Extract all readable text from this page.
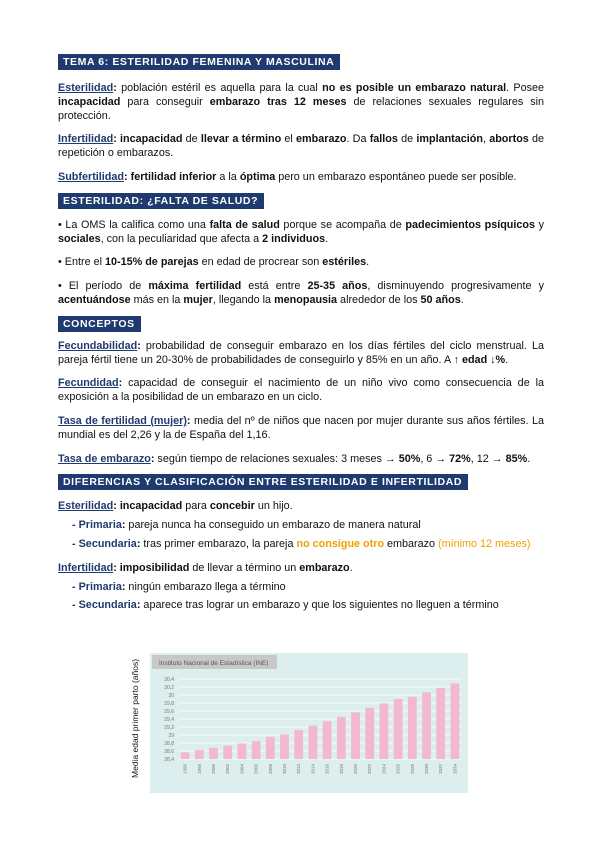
TEMA 6: ESTERILIDAD FEMENINA Y MASCULINA

Esterilidad: población estéril es aquella para la cual no es posible un embarazo natural. Posee incapacidad para conseguir embarazo tras 12 meses de relaciones sexuales regulares sin protección.

Infertilidad: incapacidad de llevar a término el embarazo. Da fallos de implantación, abortos de repetición o embarazos.

Subfertilidad: fertilidad inferior a la óptima pero un embarazo espontáneo puede ser posible.

ESTERILIDAD: ¿FALTA DE SALUD?

• La OMS la califica como una falta de salud porque se acompaña de padecimientos psíquicos y sociales, con la peculiaridad que afecta a 2 individuos.

• Entre el 10-15% de parejas en edad de procrear son estériles.

• El período de máxima fertilidad está entre 25-35 años, disminuyendo progresivamente y acentuándose más en la mujer, llegando la menopausia alrededor de los 50 años.

CONCEPTOS

Fecundabilidad: probabilidad de conseguir embarazo en los días fértiles del ciclo menstrual. La pareja fértil tiene un 20-30% de probabilidades de conseguirlo y 85% en un año. A ↑ edad ↓%.

Fecundidad: capacidad de conseguir el nacimiento de un niño vivo como consecuencia de la exposición a la posibilidad de un embarazo en un ciclo.

Tasa de fertilidad (mujer): media del nº de niños que nacen por mujer durante sus años fértiles. La mundial es del 2,26 y la de España del 1,16.

Tasa de embarazo: según tiempo de relaciones sexuales: 3 meses → 50%, 6 → 72%, 12 → 85%.

DIFERENCIAS Y CLASIFICACIÓN ENTRE ESTERILIDAD E INFERTILIDAD

Esterilidad: incapacidad para concebir un hijo.

- Primaria: pareja nunca ha conseguido un embarazo de manera natural
- Secundaria: tras primer embarazo, la pareja no consigue otro embarazo (mínimo 12 meses)

Infertilidad: imposibilidad de llevar a término un embarazo.

- Primaria: ningún embarazo llega a término
- Secundaria: aparece tras lograr un embarazo y que los siguientes no lleguen a término
Instituto Nacional de Estadística (INE)
Media edad primer parto (años)	28,4
28,6
28,8
29
29,2
29,4
29,6
29,8
30
30,2
30,4
1996 1998 2000 2002 2004 2006 2008 2010 2012 2014 2016 2018 2020 2022 2024 2026 2028 2030 2032 2034
